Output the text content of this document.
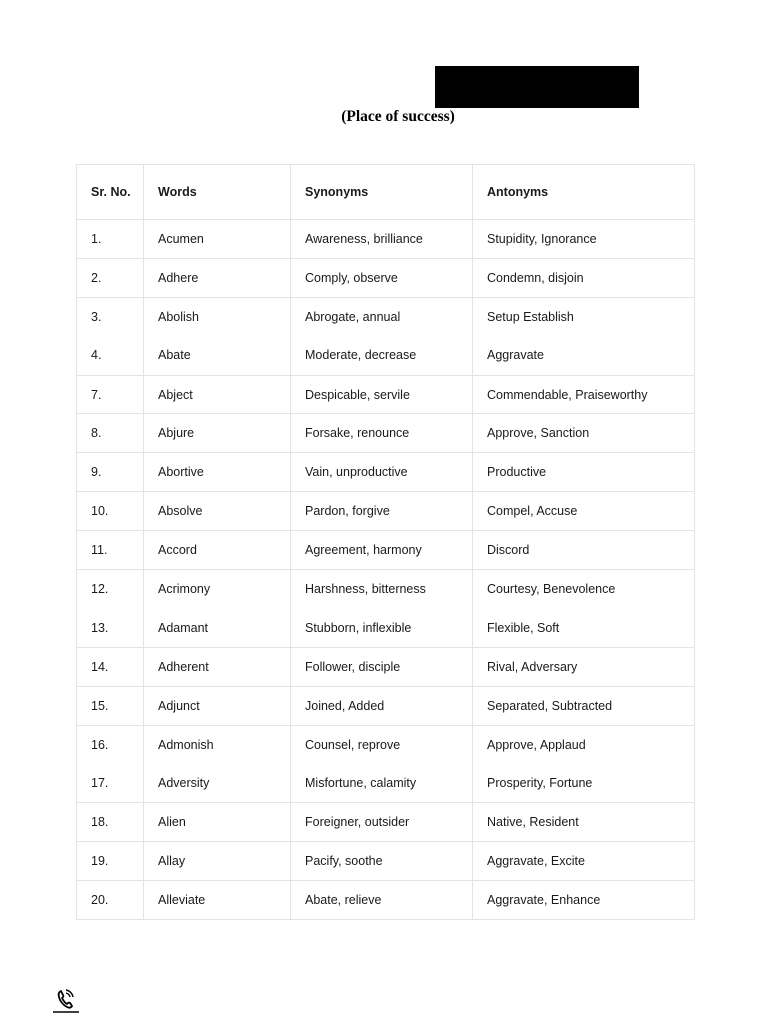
(Place of success)
Sr. No.	Words	Synonyms	Antonyms
1.	Acumen	Awareness, brilliance	Stupidity, Ignorance
2.	Adhere	Comply, observe	Condemn, disjoin
3.	Abolish	Abrogate, annual	Setup Establish
4.	Abate	Moderate, decrease	Aggravate
7.	Abject	Despicable, servile	Commendable, Praiseworthy
8.	Abjure	Forsake, renounce	Approve, Sanction
9.	Abortive	Vain, unproductive	Productive
10.	Absolve	Pardon, forgive	Compel, Accuse
11.	Accord	Agreement, harmony	Discord
12.	Acrimony	Harshness, bitterness	Courtesy, Benevolence
13.	Adamant	Stubborn, inflexible	Flexible, Soft
14.	Adherent	Follower, disciple	Rival, Adversary
15.	Adjunct	Joined, Added	Separated, Subtracted
16.	Admonish	Counsel, reprove	Approve, Applaud
17.	Adversity	Misfortune, calamity	Prosperity, Fortune
18.	Alien	Foreigner, outsider	Native, Resident
19.	Allay	Pacify, soothe	Aggravate, Excite
20.	Alleviate	Abate, relieve	Aggravate, Enhance
